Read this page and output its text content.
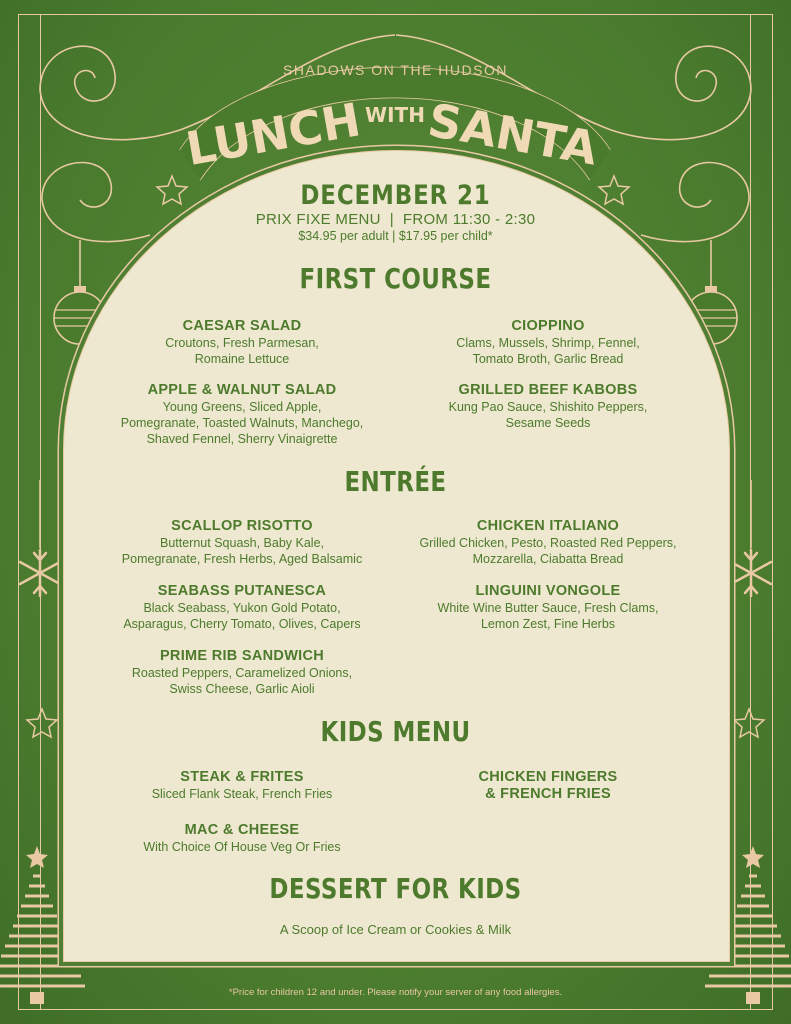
SHADOWS ON THE HUDSON
LUNCH WITH SANTA
DECEMBER 21
PRIX FIXE MENU  |  FROM 11:30 - 2:30
$34.95 per adult | $17.95 per child*
FIRST COURSE
CAESAR SALAD
Croutons, Fresh Parmesan,
Romaine Lettuce
CIOPPINO
Clams, Mussels, Shrimp, Fennel,
Tomato Broth, Garlic Bread
APPLE & WALNUT SALAD
Young Greens, Sliced Apple,
Pomegranate, Toasted Walnuts, Manchego,
Shaved Fennel, Sherry Vinaigrette
GRILLED BEEF KABOBS
Kung Pao Sauce, Shishito Peppers,
Sesame Seeds
ENTRÉE
SCALLOP RISOTTO
Butternut Squash, Baby Kale,
Pomegranate, Fresh Herbs, Aged Balsamic
CHICKEN ITALIANO
Grilled Chicken, Pesto, Roasted Red Peppers,
Mozzarella, Ciabatta Bread
SEABASS PUTANESCA
Black Seabass, Yukon Gold Potato,
Asparagus, Cherry Tomato, Olives, Capers
LINGUINI VONGOLE
White Wine Butter Sauce, Fresh Clams,
Lemon Zest, Fine Herbs
PRIME RIB SANDWICH
Roasted Peppers, Caramelized Onions,
Swiss Cheese, Garlic Aioli
KIDS MENU
STEAK & FRITES
Sliced Flank Steak, French Fries
CHICKEN FINGERS
& FRENCH FRIES
MAC & CHEESE
With Choice Of House Veg Or Fries
DESSERT FOR KIDS
A Scoop of Ice Cream or Cookies & Milk
*Price for children 12 and under. Please notify your server of any food allergies.
